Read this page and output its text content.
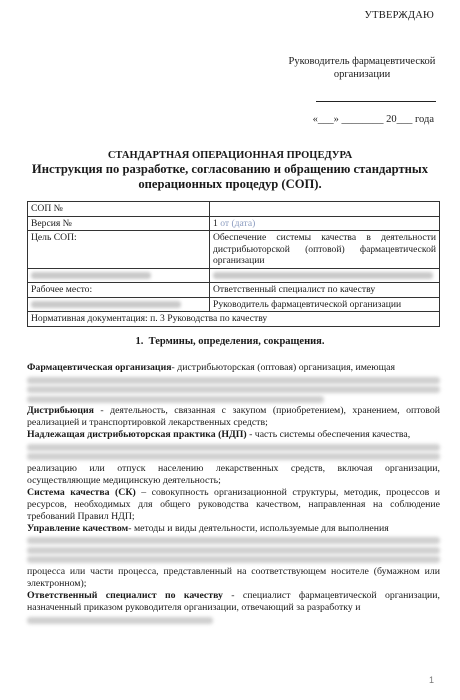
УТВЕРЖДАЮ
Руководитель фармацевтической организации
«___» ________ 20___ года
СТАНДАРТНАЯ ОПЕРАЦИОННАЯ ПРОЦЕДУРА
Инструкция по разработке, согласованию и обращению стандартных операционных процедур (СОП).
СОП №	
Версия №	1 от (дата)
Цель СОП:	Обеспечение системы качества в деятельности дистрибьюторской (оптовой) фармацевтической организации

Рабочее место:	Ответственный специалист по качеству
	Руководитель фармацевтической организации
Нормативная документация: п. 3 Руководства по качеству	
1.  Термины, определения, сокращения.

Фармацевтическая организация- дистрибьюторская (оптовая) организация, имеющая

Дистрибьюция - деятельность, связанная с закупом (приобретением), хранением, оптовой реализацией и транспортировкой лекарственных средств;

Надлежащая дистрибьюторская практика (НДП) - часть системы обеспечения качества,

реализацию или отпуск населению лекарственных средств, включая организации, осуществляющие медицинскую деятельность;

Система качества (СК) – совокупность организационной структуры, методик, процессов и ресурсов, необходимых для общего руководства качеством, направленная на соблюдение требований Правил НДП;

Управление качеством- методы и виды деятельности, используемые для выполнения

процесса или части процесса, представленный на соответствующем носителе (бумажном или электронном);

Ответственный специалист по качеству - специалист фармацевтической организации, назначенный приказом руководителя организации, отвечающий за разработку и

1
